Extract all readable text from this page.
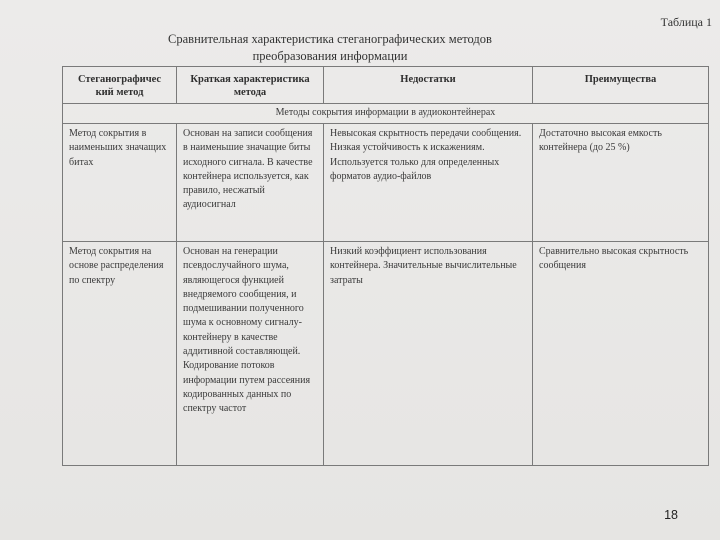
Таблица 1
Сравнительная характеристика стеганографических методов
преобразования информации
Стеганографичес кий метод	Краткая характеристика метода	Недостатки	Преимущества
Методы сокрытия информации в аудиоконтейнерах			
Метод сокрытия в наименьших значащих битах	Основан на записи сообщения в наименьшие значащие биты исходного сигнала. В качестве контейнера используется, как правило, несжатый аудиосигнал	Невысокая скрытность передачи сообщения. Низкая устойчивость к искажениям. Используется только для определенных форматов аудио-файлов	Достаточно высокая емкость контейнера (до 25 %)
Метод сокрытия на основе распределения по спектру	Основан на генерации псевдослучайного шума, являющегося функцией внедряемого сообщения, и подмешивании полученного шума к основному сигналу-контейнеру в качестве аддитивной составляющей. Кодирование потоков информации путем рассеяния кодированных данных по спектру частот	Низкий коэффициент использования контейнера. Значительные вычислительные затраты	Сравнительно высокая скрытность сообщения
18
